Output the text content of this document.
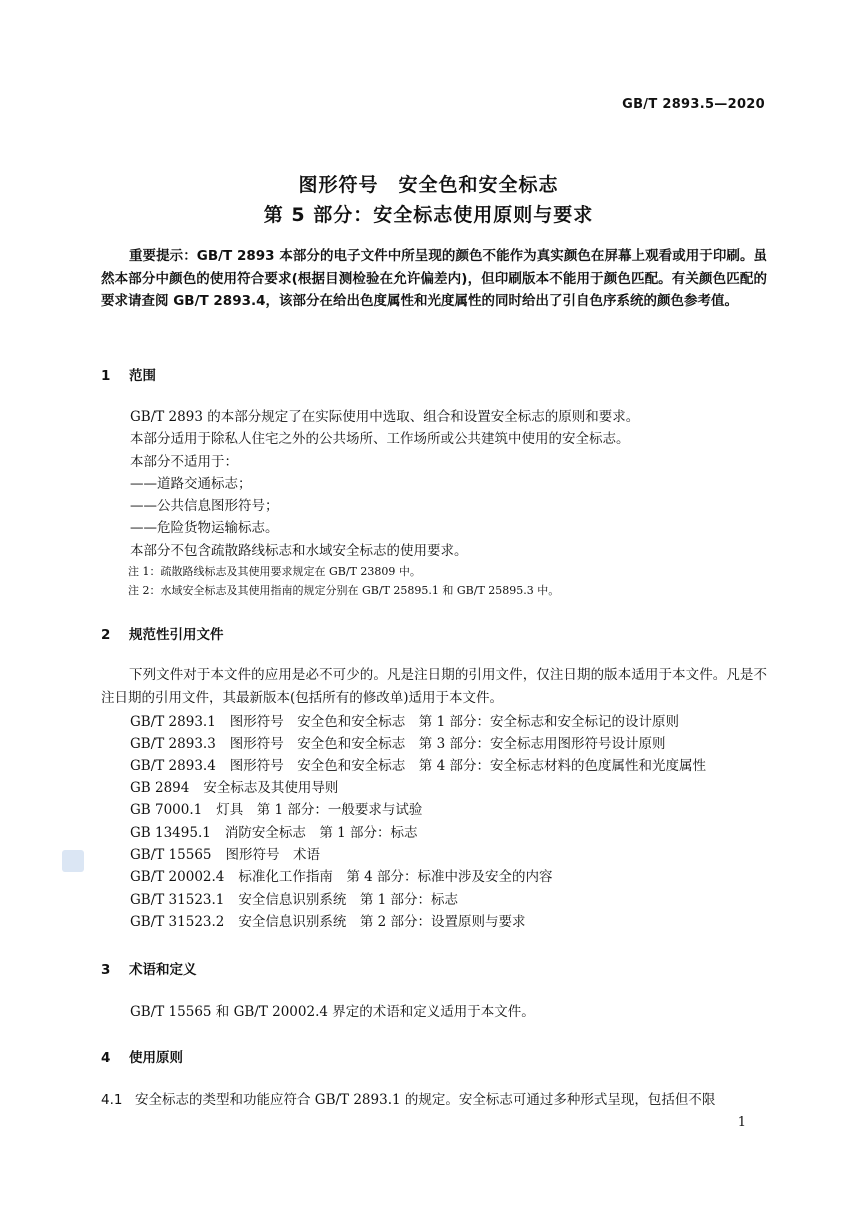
GB/T 2893.5—2020
图形符号　安全色和安全标志
第 5 部分：安全标志使用原则与要求
重要提示：GB/T 2893 本部分的电子文件中所呈现的颜色不能作为真实颜色在屏幕上观看或用于印刷。虽然本部分中颜色的使用符合要求(根据目测检验在允许偏差内)，但印刷版本不能用于颜色匹配。有关颜色匹配的要求请查阅 GB/T 2893.4，该部分在给出色度属性和光度属性的同时给出了引自色序系统的颜色参考值。
1 范围
GB/T 2893 的本部分规定了在实际使用中选取、组合和设置安全标志的原则和要求。
本部分适用于除私人住宅之外的公共场所、工作场所或公共建筑中使用的安全标志。
本部分不适用于：
——道路交通标志；
——公共信息图形符号；
——危险货物运输标志。
本部分不包含疏散路线标志和水域安全标志的使用要求。
注 1：疏散路线标志及其使用要求规定在 GB/T 23809 中。
注 2：水域安全标志及其使用指南的规定分别在 GB/T 25895.1 和 GB/T 25895.3 中。
2 规范性引用文件
下列文件对于本文件的应用是必不可少的。凡是注日期的引用文件，仅注日期的版本适用于本文件。凡是不注日期的引用文件，其最新版本(包括所有的修改单)适用于本文件。
GB/T 2893.1 图形符号　安全色和安全标志　第 1 部分：安全标志和安全标记的设计原则
GB/T 2893.3 图形符号　安全色和安全标志　第 3 部分：安全标志用图形符号设计原则
GB/T 2893.4 图形符号　安全色和安全标志　第 4 部分：安全标志材料的色度属性和光度属性
GB 2894 安全标志及其使用导则
GB 7000.1 灯具　第 1 部分：一般要求与试验
GB 13495.1 消防安全标志　第 1 部分：标志
GB/T 15565 图形符号　术语
GB/T 20002.4 标准化工作指南　第 4 部分：标准中涉及安全的内容
GB/T 31523.1 安全信息识别系统　第 1 部分：标志
GB/T 31523.2 安全信息识别系统　第 2 部分：设置原则与要求
3 术语和定义
GB/T 15565 和 GB/T 20002.4 界定的术语和定义适用于本文件。
4 使用原则
4.1 安全标志的类型和功能应符合 GB/T 2893.1 的规定。安全标志可通过多种形式呈现，包括但不限
1
